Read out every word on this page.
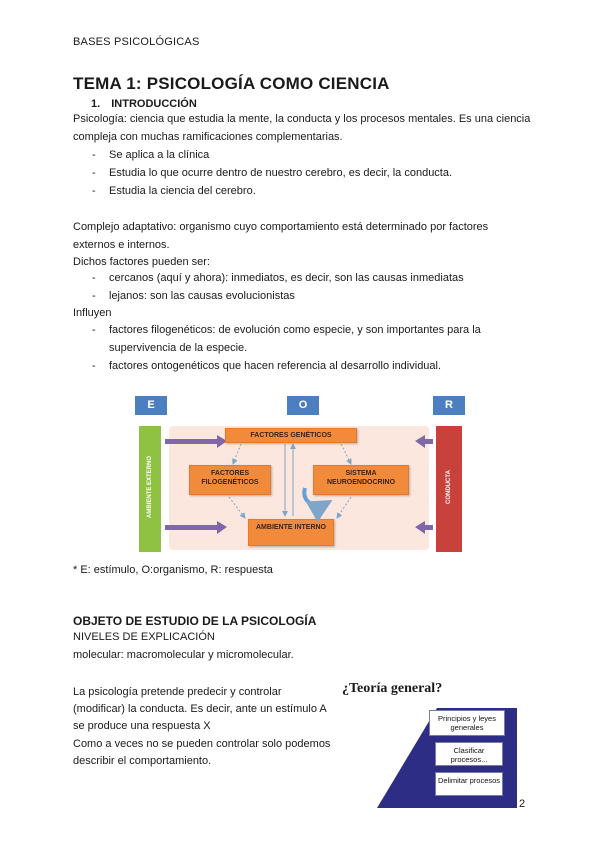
BASES PSICOLÓGICAS
TEMA 1: PSICOLOGÍA COMO CIENCIA
1. INTRODUCCIÓN
Psicología: ciencia que estudia la mente, la conducta y los procesos mentales. Es una ciencia
compleja con muchas ramificaciones complementarias.
- Se aplica a la clínica
- Estudia lo que ocurre dentro de nuestro cerebro, es decir, la conducta.
- Estudia la ciencia del cerebro.
Complejo adaptativo: organismo cuyo comportamiento está determinado por factores
externos e internos.
Dichos factores pueden ser:
- cercanos (aquí y ahora): inmediatos, es decir, son las causas inmediatas
- lejanos: son las causas evolucionistas
Influyen
- factores filogenéticos: de evolución como especie, y son importantes para la
supervivencia de la especie.
- factores ontogenéticos que hacen referencia al desarrollo individual.
E	O	R
AMBIENTE EXTERNO	CONDUCTA
FACTORES GENÉTICOS
FACTORES FILOGENÉTICOS
SISTEMA NEUROENDOCRINO
AMBIENTE INTERNO
* E: estímulo, O:organismo, R: respuesta
OBJETO DE ESTUDIO DE LA PSICOLOGÍA
NIVELES DE EXPLICACIÓN
molecular: macromolecular y micromolecular.
La psicología pretende predecir y controlar
(modificar) la conducta. Es decir, ante un estímulo A
se produce una respuesta X
Como a veces no se pueden controlar solo podemos
describir el comportamiento.
¿Teoría general?
Principios y leyes generales
Clasificar procesos...
Delimitar procesos
2
